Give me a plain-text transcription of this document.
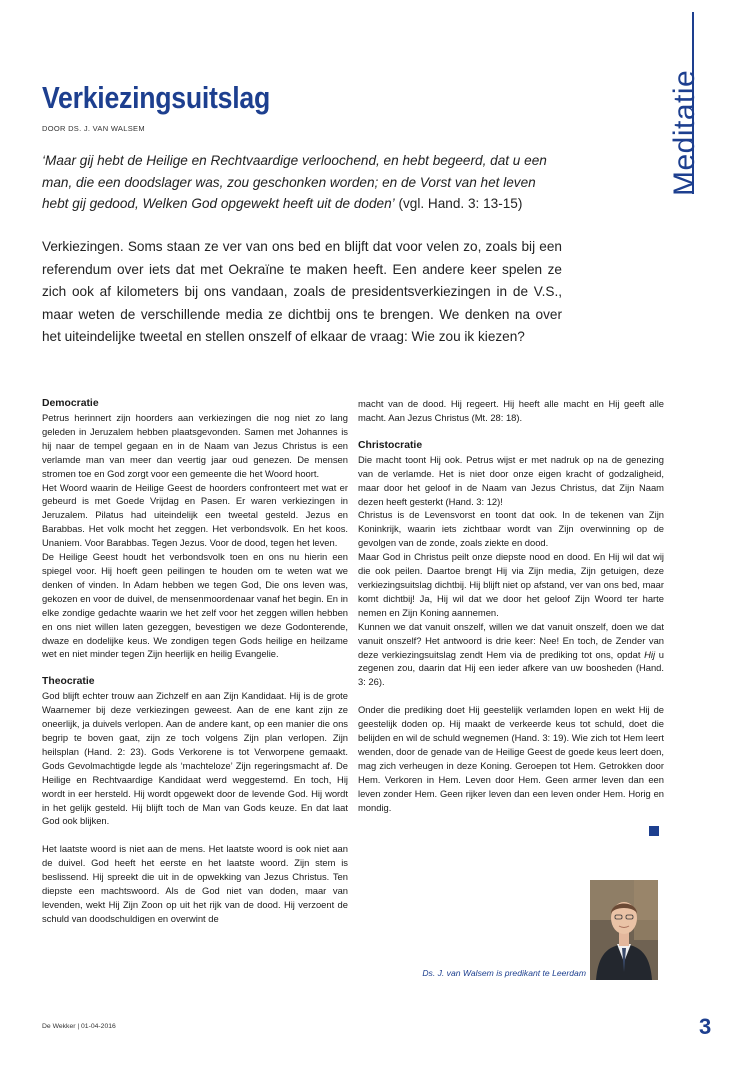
Meditatie
Verkiezingsuitslag
DOOR DS. J. VAN WALSEM
‘Maar gij hebt de Heilige en Rechtvaardige verloochend, en hebt begeerd, dat u een man, die een doodslager was, zou geschonken worden; en de Vorst van het leven hebt gij gedood, Welken God opgewekt heeft uit de doden’ (vgl. Hand. 3: 13-15)
Verkiezingen. Soms staan ze ver van ons bed en blijft dat voor velen zo, zoals bij een referendum over iets dat met Oekraïne te maken heeft. Een andere keer spelen ze zich ook af kilometers bij ons vandaan, zoals de presidentsverkiezingen in de V.S., maar weten de verschillende media ze dichtbij ons te brengen. We denken na over het uiteindelijke tweetal en stellen onszelf of elkaar de vraag: Wie zou ik kiezen?
Democratie

Petrus herinnert zijn hoorders aan verkiezingen die nog niet zo lang geleden in Jeruzalem hebben plaatsgevonden. Samen met Johannes is hij naar de tempel gegaan en in de Naam van Jezus Christus is een verlamde man van meer dan veertig jaar oud genezen. De mensen stromen toe en God zorgt voor een gemeente die het Woord hoort.

Het Woord waarin de Heilige Geest de hoorders confronteert met wat er gebeurd is met Goede Vrijdag en Pasen. Er waren verkiezingen in Jeruzalem. Pilatus had uiteindelijk een tweetal gesteld. Jezus en Barabbas. Het volk mocht het zeggen. Het verbondsvolk. En het koos. Unaniem. Voor Barabbas. Tegen Jezus. Voor de dood, tegen het leven.

De Heilige Geest houdt het verbondsvolk toen en ons nu hierin een spiegel voor. Hij hoeft geen peilingen te houden om te weten wat we denken of vinden. In Adam hebben we tegen God, Die ons leven was, gekozen en voor de duivel, de mensenmoordenaar vanaf het begin. En in elke zondige gedachte waarin we het zelf voor het zeggen willen hebben en ons niet willen laten gezeggen, bevestigen we deze Godonterende, dwaze en dodelijke keus. We zondigen tegen Gods heilige en heilzame wet en niet minder tegen Zijn heerlijk en heilig Evangelie.

Theocratie

God blijft echter trouw aan Zichzelf en aan Zijn Kandidaat. Hij is de grote Waarnemer bij deze verkiezingen geweest. Aan de ene kant zijn ze oneerlijk, ja duivels verlopen. Aan de andere kant, op een manier die ons begrip te boven gaat, zijn ze toch volgens Zijn plan verlopen. Zijn heilsplan (Hand. 2: 23). Gods Verkorene is tot Verworpene gemaakt. Gods Gevolmachtigde legde als ‘machteloze’ Zijn regeringsmacht af. De Heilige en Rechtvaardige Kandidaat werd weggestemd. En toch, Hij wordt in eer hersteld. Hij wordt opgewekt door de levende God. Hij wordt in het gelijk gesteld. Hij blijft toch de Man van Gods keuze. En dat laat God ook blijken.

Het laatste woord is niet aan de mens. Het laatste woord is ook niet aan de duivel. God heeft het eerste en het laatste woord. Zijn stem is beslissend. Hij spreekt die uit in de opwekking van Jezus Christus. Ten diepste een machtswoord. Als de God niet van doden, maar van levenden, wekt Hij Zijn Zoon op uit het rijk van de dood. Hij verzoent de schuld van doodschuldigen en overwint de

macht van de dood. Hij regeert. Hij heeft alle macht en Hij geeft alle macht. Aan Jezus Christus (Mt. 28: 18).

Christocratie

Die macht toont Hij ook. Petrus wijst er met nadruk op na de genezing van de verlamde. Het is niet door onze eigen kracht of godzaligheid, maar door het geloof in de Naam van Jezus Christus, dat Zijn Naam dezen heeft gesterkt (Hand. 3: 12)!

Christus is de Levensvorst en toont dat ook. In de tekenen van Zijn Koninkrijk, waarin iets zichtbaar wordt van Zijn overwinning op de gevolgen van de zonde, zoals ziekte en dood.

Maar God in Christus peilt onze diepste nood en dood. En Hij wil dat wij die ook peilen. Daartoe brengt Hij via Zijn media, Zijn getuigen, deze verkiezingsuitslag dichtbij. Hij blijft niet op afstand, ver van ons bed, maar komt dichtbij! Ja, Hij wil dat we door het geloof Zijn Woord ter harte nemen en Zijn Koning aannemen.

Kunnen we dat vanuit onszelf, willen we dat vanuit onszelf, doen we dat vanuit onszelf? Het antwoord is drie keer: Nee! En toch, de Zender van deze verkiezingsuitslag zendt Hem via de prediking tot ons, opdat Hij u zegenen zou, daarin dat Hij een ieder afkere van uw boosheden (Hand. 3: 26).

Onder die prediking doet Hij geestelijk verlamden lopen en wekt Hij de geestelijk doden op. Hij maakt de verkeerde keus tot schuld, doet die belijden en wil de schuld wegnemen (Hand. 3: 19). Wie zich tot Hem leert wenden, door de genade van de Heilige Geest de goede keus leert doen, mag zich verheugen in deze Koning. Geroepen tot Hem. Getrokken door Hem. Verkoren in Hem. Leven door Hem. Geen armer leven dan een leven zonder Hem. Geen rijker leven dan een leven onder Hem. Horig en mondig.

Ds. J. van Walsem is predikant te Leerdam
De Wekker | 01-04-2016	3
